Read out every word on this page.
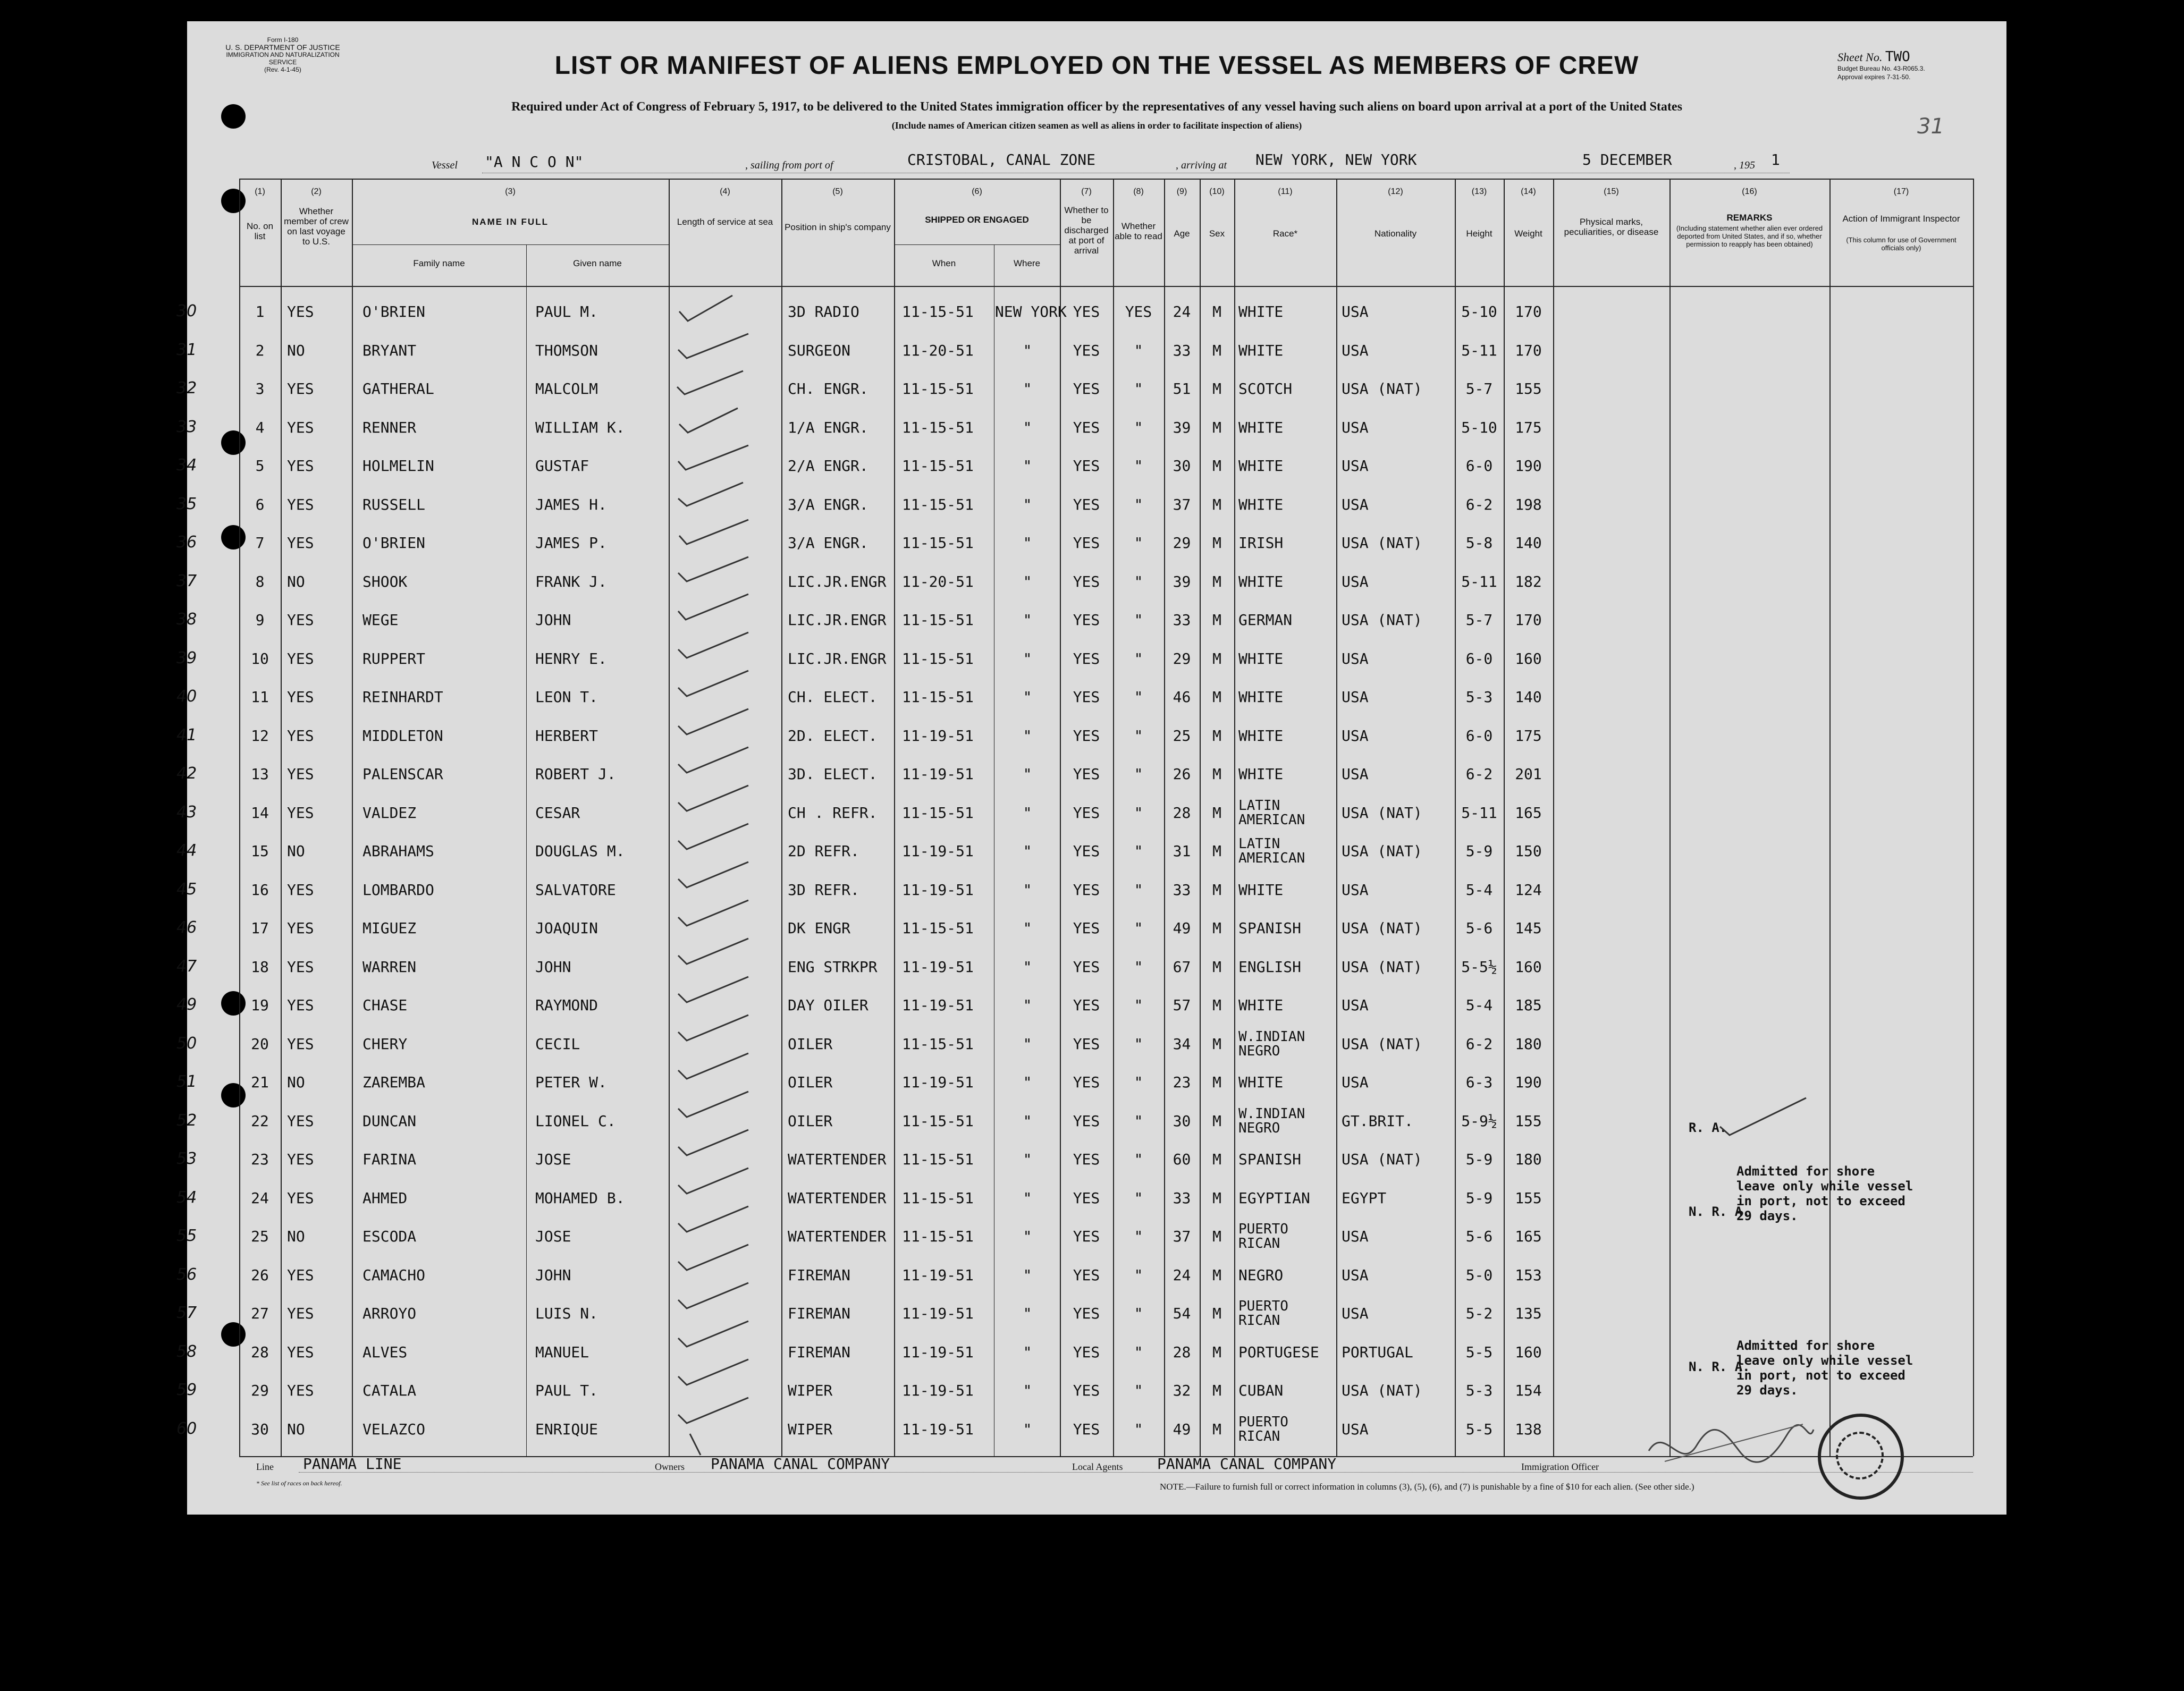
Form I-180
U. S. DEPARTMENT OF JUSTICE
IMMIGRATION AND NATURALIZATION SERVICE
(Rev. 4-1-45)
Sheet No. TWO
Budget Bureau No. 43-R065.3.
Approval expires 7-31-50.
31
LIST OR MANIFEST OF ALIENS EMPLOYED ON THE VESSEL AS MEMBERS OF CREW
Required under Act of Congress of February 5, 1917, to be delivered to the United States immigration officer by the representatives of any vessel having such aliens on board upon arrival at a port of the United States
(Include names of American citizen seamen as well as aliens in order to facilitate inspection of aliens)
Vessel "A N C O N"	, sailing from port of	CRISTOBAL, CANAL ZONE	, arriving at NEW YORK, NEW YORK	5 DECEMBER	, 195 1
(1)	(2)	(3)	(4)	(5)	(6)	(7)	(8)	(9)	(10)	(11)	(12)	(13)	(14)	(15)	(16)	(17)
No. on list
Whether member of crew on last voyage to U.S.
NAME IN FULL
Family name	Given name
Length of service at sea
Position in ship's company
SHIPPED OR ENGAGED
When	Where
Whether to be discharged at port of arrival
Whether able to read	Age	Sex	Race*	Nationality	Height	Weight
Physical marks, peculiarities, or disease
REMARKS
(Including statement whether alien ever ordered deported from United States, and if so, whether permission to reapply has been obtained)
Action of Immigrant Inspector
(This column for use of Government officials only)
30	1	YES	O'BRIEN	PAUL M.	3D RADIO	11-15-51	NEW YORK YES	YES	24	M	WHITE	USA	5-10	170
31	2	NO	BRYANT	THOMSON	SURGEON	11-20-51	"	YES	"	33	M	WHITE	USA	5-11	170
32	3	YES	GATHERAL	MALCOLM	CH. ENGR.	11-15-51	"	YES	"	51	M	SCOTCH	USA (NAT)	5-7	155
33	4	YES	RENNER	WILLIAM K.	1/A ENGR.	11-15-51	"	YES	"	39	M	WHITE	USA	5-10	175
34	5	YES	HOLMELIN	GUSTAF	2/A ENGR.	11-15-51	"	YES	"	30	M	WHITE	USA	6-0	190
35	6	YES	RUSSELL	JAMES H.	3/A ENGR.	11-15-51	"	YES	"	37	M	WHITE	USA	6-2	198
36	7	YES	O'BRIEN	JAMES P.	3/A ENGR.	11-15-51	"	YES	"	29	M	IRISH	USA (NAT)	5-8	140
37	8	NO	SHOOK	FRANK J.	LIC.JR.ENGR	11-20-51	"	YES	"	39	M	WHITE	USA	5-11	182
38	9	YES	WEGE	JOHN	LIC.JR.ENGR	11-15-51	"	YES	"	33	M	GERMAN	USA (NAT)	5-7	170
39	10	YES	RUPPERT	HENRY E.	LIC.JR.ENGR	11-15-51	"	YES	"	29	M	WHITE	USA	6-0	160
40	11	YES	REINHARDT	LEON T.	CH. ELECT.	11-15-51	"	YES	"	46	M	WHITE	USA	5-3	140
41	12	YES	MIDDLETON	HERBERT	2D. ELECT.	11-19-51	"	YES	"	25	M	WHITE	USA	6-0	175
42	13	YES	PALENSCAR	ROBERT J.	3D. ELECT.	11-19-51	"	YES	"	26	M	WHITE	USA	6-2	201
43	14	YES	VALDEZ	CESAR	CH . REFR.	11-15-51	"	YES	"	28	M	LATIN AMERICAN	USA (NAT)	5-11	165
44	15	NO	ABRAHAMS	DOUGLAS M.	2D REFR.	11-19-51	"	YES	"	31	M	LATIN AMERICAN	USA (NAT)	5-9	150
45	16	YES	LOMBARDO	SALVATORE	3D REFR.	11-19-51	"	YES	"	33	M	WHITE	USA	5-4	124
46	17	YES	MIGUEZ	JOAQUIN	DK ENGR	11-15-51	"	YES	"	49	M	SPANISH	USA (NAT)	5-6	145
47	18	YES	WARREN	JOHN	ENG STRKPR	11-19-51	"	YES	"	67	M	ENGLISH	USA (NAT)	5-5½	160
49	19	YES	CHASE	RAYMOND	DAY OILER	11-19-51	"	YES	"	57	M	WHITE	USA	5-4	185
50	20	YES	CHERY	CECIL	OILER	11-15-51	"	YES	"	34	M	W.INDIAN NEGRO	USA (NAT)	6-2	180
51	21	NO	ZAREMBA	PETER W.	OILER	11-19-51	"	YES	"	23	M	WHITE	USA	6-3	190
52	22	YES	DUNCAN	LIONEL C.	OILER	11-15-51	"	YES	"	30	M	W.INDIAN NEGRO	GT.BRIT.	5-9½	155
53	23	YES	FARINA	JOSE	WATERTENDER	11-15-51	"	YES	"	60	M	SPANISH	USA (NAT)	5-9	180
54	24	YES	AHMED	MOHAMED B.	WATERTENDER	11-15-51	"	YES	"	33	M	EGYPTIAN	EGYPT	5-9	155
55	25	NO	ESCODA	JOSE	WATERTENDER	11-15-51	"	YES	"	37	M	PUERTO RICAN	USA	5-6	165
56	26	YES	CAMACHO	JOHN	FIREMAN	11-19-51	"	YES	"	24	M	NEGRO	USA	5-0	153
57	27	YES	ARROYO	LUIS N.	FIREMAN	11-19-51	"	YES	"	54	M	PUERTO RICAN	USA	5-2	135
58	28	YES	ALVES	MANUEL	FIREMAN	11-19-51	"	YES	"	28	M	PORTUGESE	PORTUGAL	5-5	160
59	29	YES	CATALA	PAUL T.	WIPER	11-19-51	"	YES	"	32	M	CUBAN	USA (NAT)	5-3	154
60	30	NO	VELAZCO	ENRIQUE	WIPER	11-19-51	"	YES	"	49	M	PUERTO RICAN	USA	5-5	138
R. A.
N. R. A.
Admitted for shore leave only while vessel in port, not to exceed 29 days.
N. R. A.
Admitted for shore leave only while vessel in port, not to exceed 29 days.
Line PANAMA LINE	Owners PANAMA CANAL COMPANY	Local Agents PANAMA CANAL COMPANY	Immigration Officer
* See list of races on back hereof.	NOTE.—Failure to furnish full or correct information in columns (3), (5), (6), and (7) is punishable by a fine of $10 for each alien. (See other side.)
